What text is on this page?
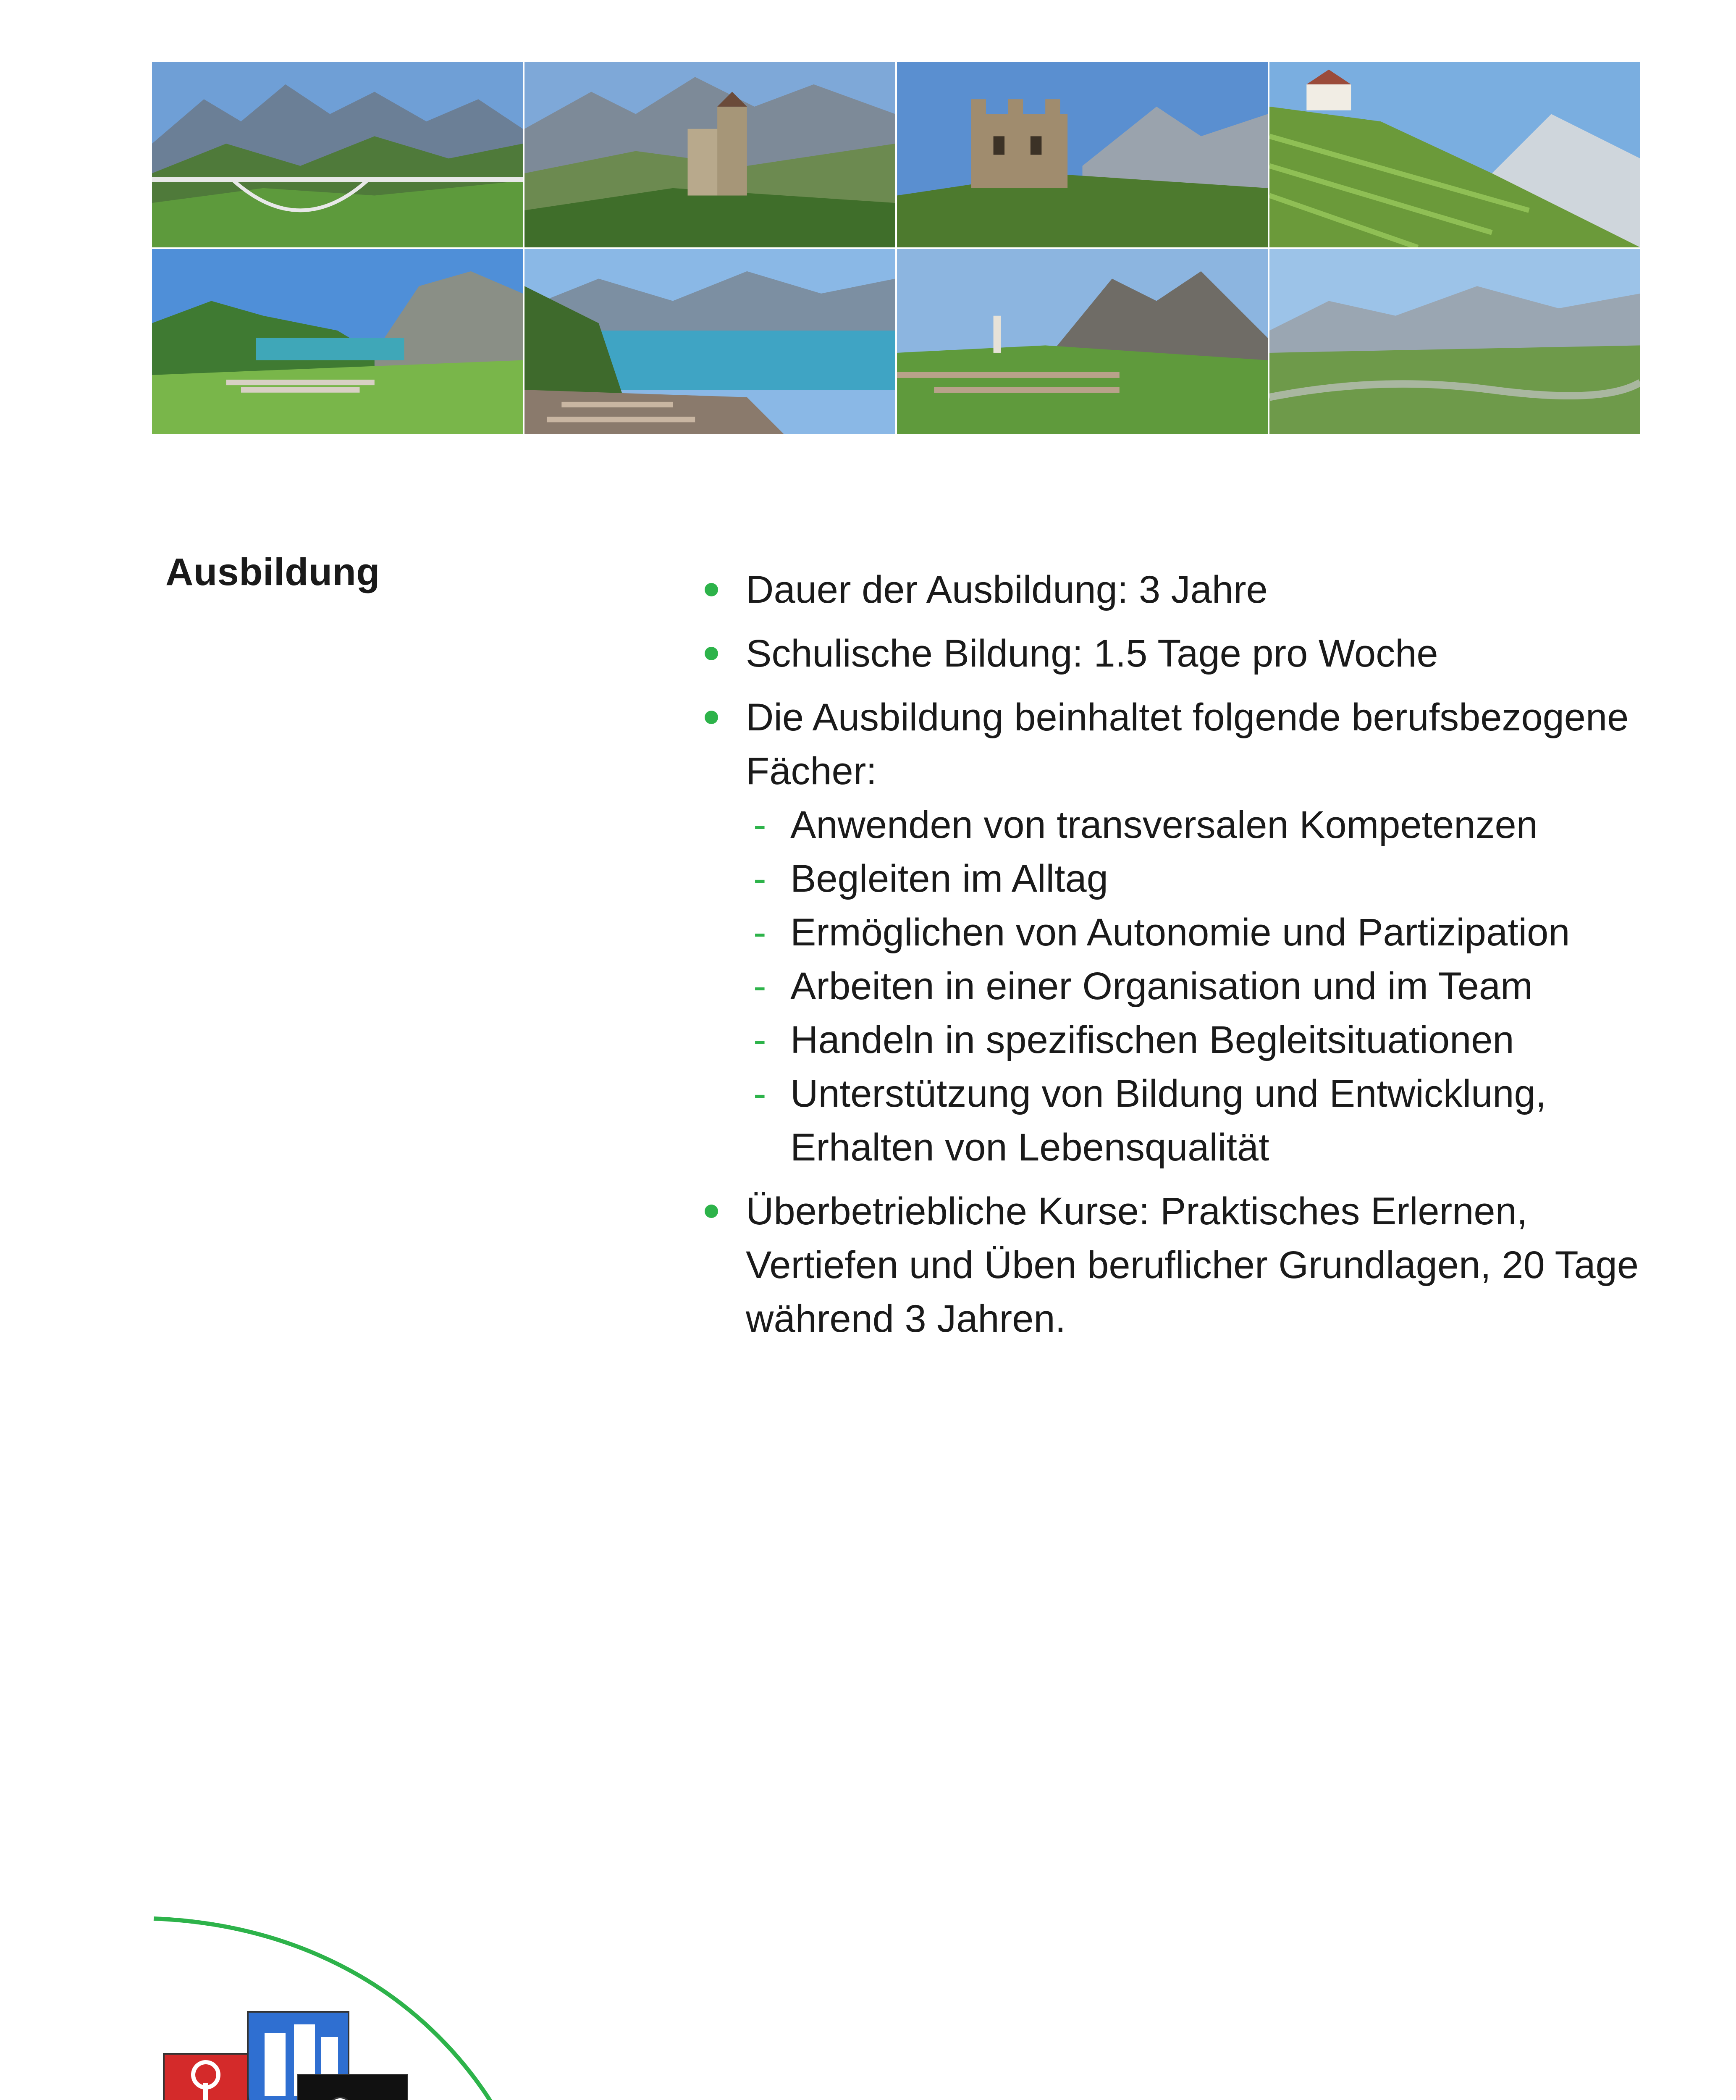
Ausbildung	Dauer der Ausbildung: 3 Jahre
Schulische Bildung: 1.5 Tage pro Woche
Die Ausbildung beinhaltet folgende berufsbezogene Fächer:
- Anwenden von transversalen Kompetenzen
- Begleiten im Alltag
- Ermöglichen von Autonomie und Partizipation
- Arbeiten in einer Organisation und im Team
- Handeln in spezifischen Begleitsituationen
- Unterstützung von Bildung und Entwicklung, Erhalten von Lebensqualität
Überbetriebliche Kurse: Praktisches Erlernen, Vertiefen und Üben beruflicher Grundlagen, 20 Tage während 3 Jahren.
